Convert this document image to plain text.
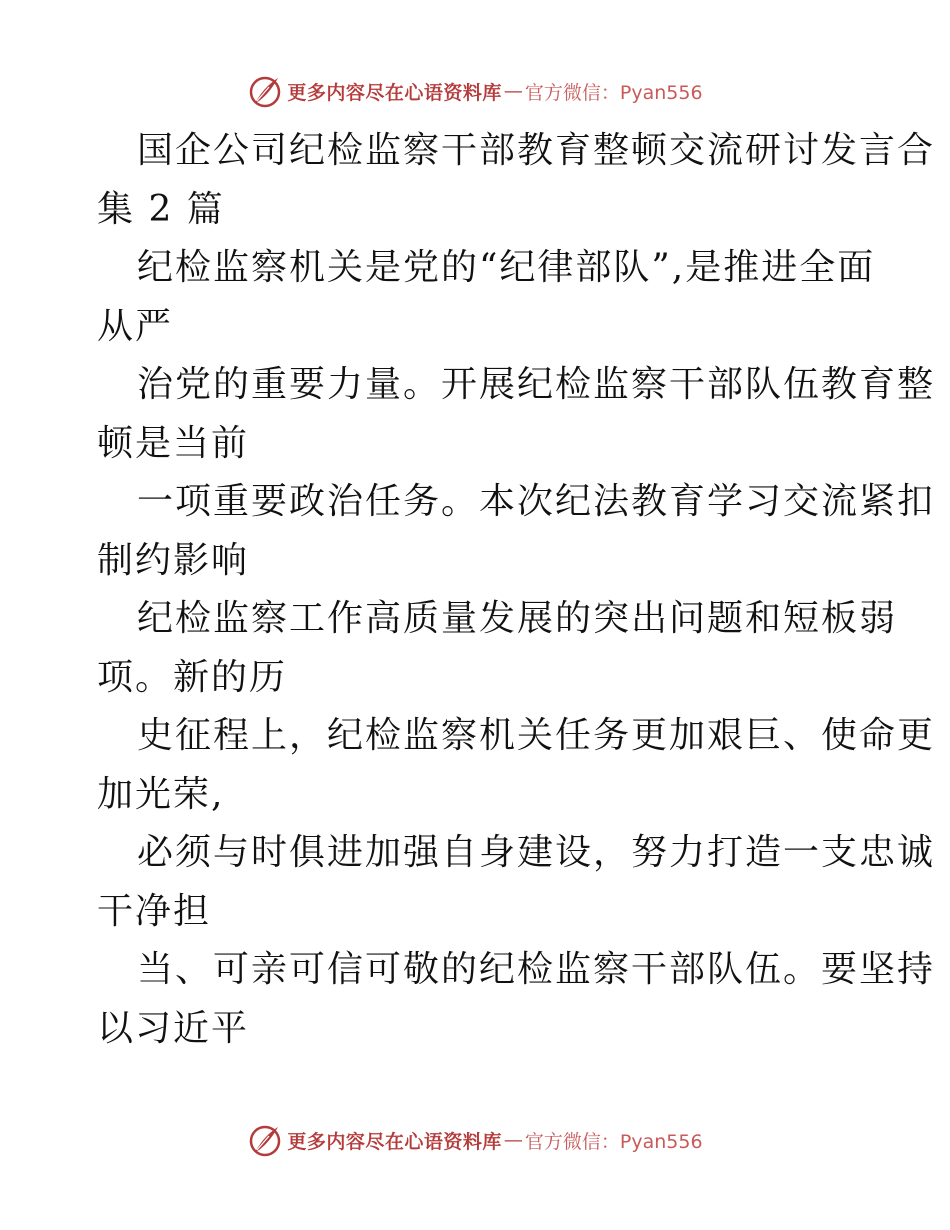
更多内容尽在心语资料库 — 官方微信：Pyan556
国企公司纪检监察干部教育整顿交流研讨发言合
集 2 篇
纪检监察机关是党的“纪律部队”,是推进全面
从严
治党的重要力量。开展纪检监察干部队伍教育整
顿是当前
一项重要政治任务。本次纪法教育学习交流紧扣
制约影响
纪检监察工作高质量发展的突出问题和短板弱
项。新的历
史征程上，纪检监察机关任务更加艰巨、使命更
加光荣,
必须与时俱进加强自身建设，努力打造一支忠诚
干净担
当、可亲可信可敬的纪检监察干部队伍。要坚持
以习近平
更多内容尽在心语资料库 — 官方微信：Pyan556
